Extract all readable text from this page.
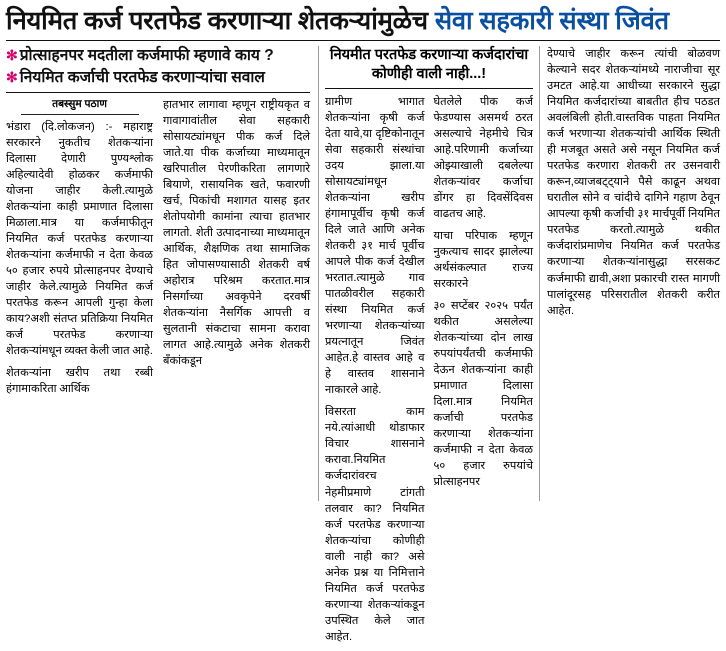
नियमित कर्ज परतफेड करणाऱ्या शेतकऱ्यांमुळेच सेवा सहकारी संस्था जिवंत
✻ प्रोत्साहनपर मदतीला कर्जमाफी म्हणावे काय ?
✻ नियमित कर्जाची परतफेड करणाऱ्यांचा सवाल
तबस्सुम पठाण

भंडारा (दि.लोकजन) :- महाराष्ट्र सरकारने नुकतीच शेतकऱ्यांना दिलासा देणारी पुण्यश्लोक अहिल्यादेवी होळकर कर्जमाफी योजना जाहीर केली.त्यामुळे शेतकऱ्यांना काही प्रमाणात दिलासा मिळाला.मात्र या कर्जमाफीतून नियमित कर्ज परतफेड करणाऱ्या शेतकऱ्यांना कर्जमाफी न देता केवळ ५० हजार रुपये प्रोत्साहनपर देण्याचे जाहीर केले.त्यामुळे नियमित कर्ज परतफेड करून आपली गुन्हा केला काय?अशी संतप्त प्रतिक्रिया नियमित कर्ज परतफेड करणाऱ्या शेतकऱ्यांमधून व्यक्त केली जात आहे.

शेतकऱ्यांना खरीप तथा रब्बी हंगामाकरिता आर्थिक

हातभार लागावा म्हणून राष्ट्रीयकृत व गावागावांतील सेवा सहकारी सोसायट्यांमधून पीक कर्ज दिले जाते.या पीक कर्जाच्या माध्यमातून खरिपातील पेरणीकरिता लागणारे बियाणे, रासायनिक खते, फवारणी खर्च, पिकांची मशागत यासह इतर शेतोपयोगी कामांना त्याचा हातभार लागतो. शेती उत्पादनाच्या माध्यमातून आर्थिक, शैक्षणिक तथा सामाजिक हित जोपासण्यासाठी शेतकरी वर्ष अहोरात्र परिश्रम करतात.मात्र निसर्गाच्या अवकृपेने दरवर्षी शेतकऱ्यांना नैसर्गिक आपत्ती व सुलतानी संकटाचा सामना करावा लागत आहे.त्यामुळे अनेक शेतकरी बँकांकडून

नियमीत परतफेड करणाऱ्या कर्जदारांचा कोणीही वाली नाही...!

ग्रामीण भागात शेतकऱ्यांना कृषी कर्ज देता यावे,या दृष्टिकोनातून सेवा सहकारी संस्थांचा उदय झाला.या सोसायट्यांमधून शेतकऱ्यांना खरीप हंगामापूर्वीच कृषी कर्ज दिले जाते आणि अनेक शेतकरी ३१ मार्च पूर्वीच आपले पीक कर्ज देखील भरतात.त्यामुळे गाव पातळीवरील सहकारी संस्था नियमित कर्ज भरणाऱ्या शेतकऱ्यांच्या प्रयत्नातून जिवंत आहेत.हे वास्तव आहे व हे वास्तव शासनाने नाकारले आहे.

विसरता काम नये.त्यांआधी थोडाफार विचार शासनाने करावा.नियमित कर्जदारांवरच नेहमीप्रमाणे टांगती तलवार का? नियमित कर्ज परतफेड करणाऱ्या शेतकऱ्यांचा कोणीही वाली नाही का? असे अनेक प्रश्न या निमित्ताने नियमित कर्ज परतफेड करणाऱ्या शेतकऱ्यांकडून उपस्थित केले जात आहेत.

घेतलेले पीक कर्ज फेडण्यास असमर्थ ठरत असल्याचे नेहमीचे चित्र आहे.परिणामी कर्जाच्या ओझ्याखाली दबलेल्या शेतकऱ्यांवर कर्जाचा डोंगर हा दिवसेंदिवस वाढतच आहे.

याचा परिपाक म्हणून नुकत्याच सादर झालेल्या अर्थसंकल्पात राज्य सरकारने

३० सप्टेंबर २०२५ पर्यंत थकीत असलेल्या शेतकऱ्यांच्या दोन लाख रुपयांपर्यंतची कर्जमाफी देऊन शेतकऱ्यांना काही प्रमाणात दिलासा दिला.मात्र नियमित कर्जाची परतफेड करणाऱ्या शेतकऱ्यांना कर्जमाफी न देता केवळ ५० हजार रुपयांचे प्रोत्साहनपर

देण्याचे जाहीर करून त्यांची बोळवण केल्याने सदर शेतकऱ्यांमध्ये नाराजीचा सूर उमटत आहे.या आधीच्या सरकारने सुद्धा नियमित कर्जदारांच्या बाबतीत हीच पठडत अवलंबिली होती.वास्तविक पाहता नियमित कर्ज भरणाऱ्या शेतकऱ्यांची आर्थिक स्थिती ही मजबूत असते असे नसून नियमित कर्ज परतफेड करणारा शेतकरी तर उसनवारी करून,व्याजबट्ट्याने पैसे काढून अथवा घरातील सोने व चांदीचे दागिने गहाण ठेवून आपल्या कृषी कर्जाची ३१ मार्चपूर्वी नियमित परतफेड करतो.त्यामुळे थकीत कर्जदारांप्रमाणेच नियमित कर्ज परतफेड करणाऱ्या शेतकऱ्यांनासुद्धा सरसकट कर्जमाफी द्यावी,अशा प्रकारची रास्त मागणी पालांदूरसह परिसरातील शेतकरी करीत आहेत.
